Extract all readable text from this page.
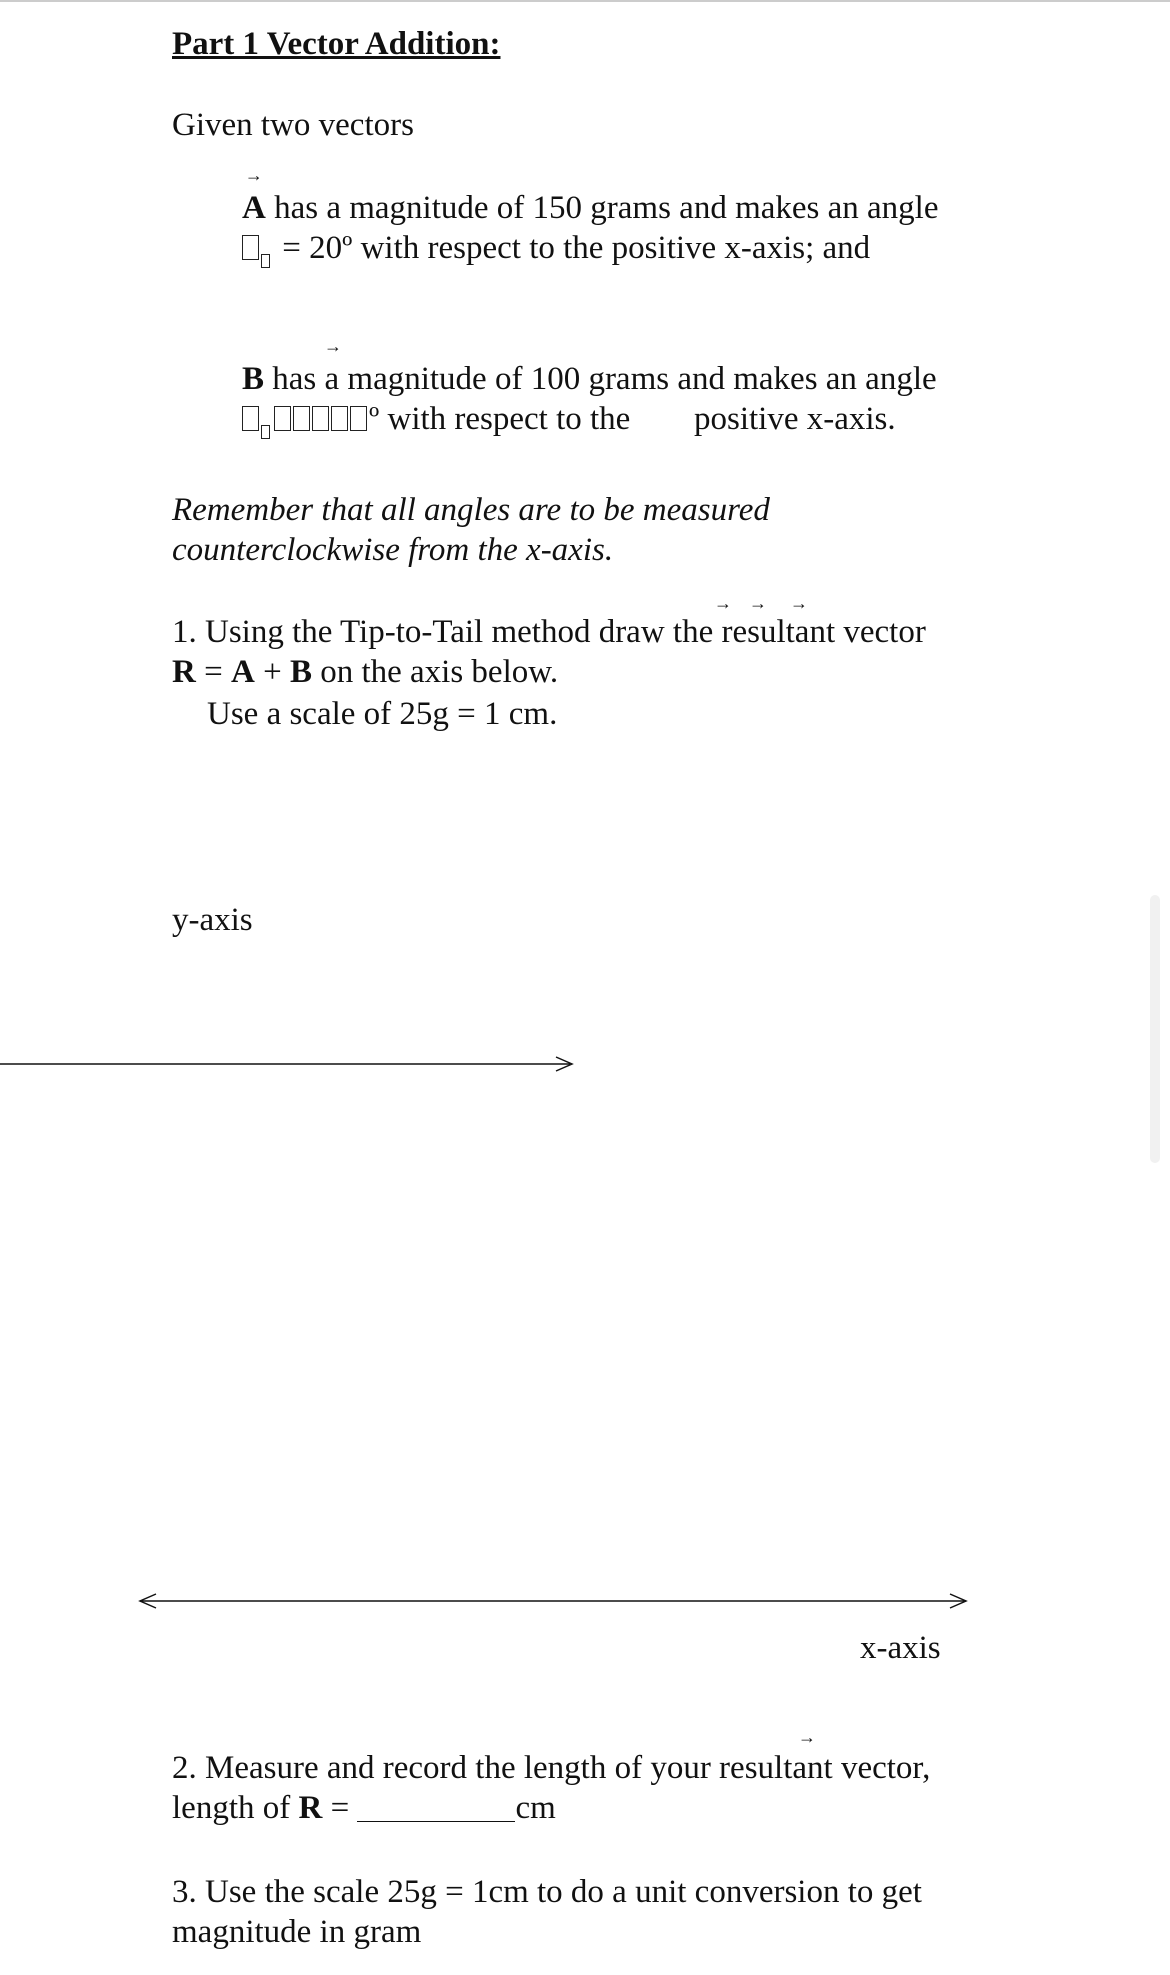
Part 1 Vector Addition:
Given two vectors
→
A has a magnitude of 150 grams and makes an angle
= 20º with respect to the positive x-axis; and
→
B has a magnitude of 100 grams and makes an angle
º with respect to the positive x-axis.
Remember that all angles are to be measured
counterclockwise from the x-axis.
1. Using the Tip-to-Tail method draw the resultant vector
→ → →
R = A + B on the axis below.
Use a scale of 25g = 1 cm.
y-axis
x-axis
→
2. Measure and record the length of your resultant vector,
length of R =	cm
3. Use the scale 25g = 1cm to do a unit conversion to get
magnitude in gram
